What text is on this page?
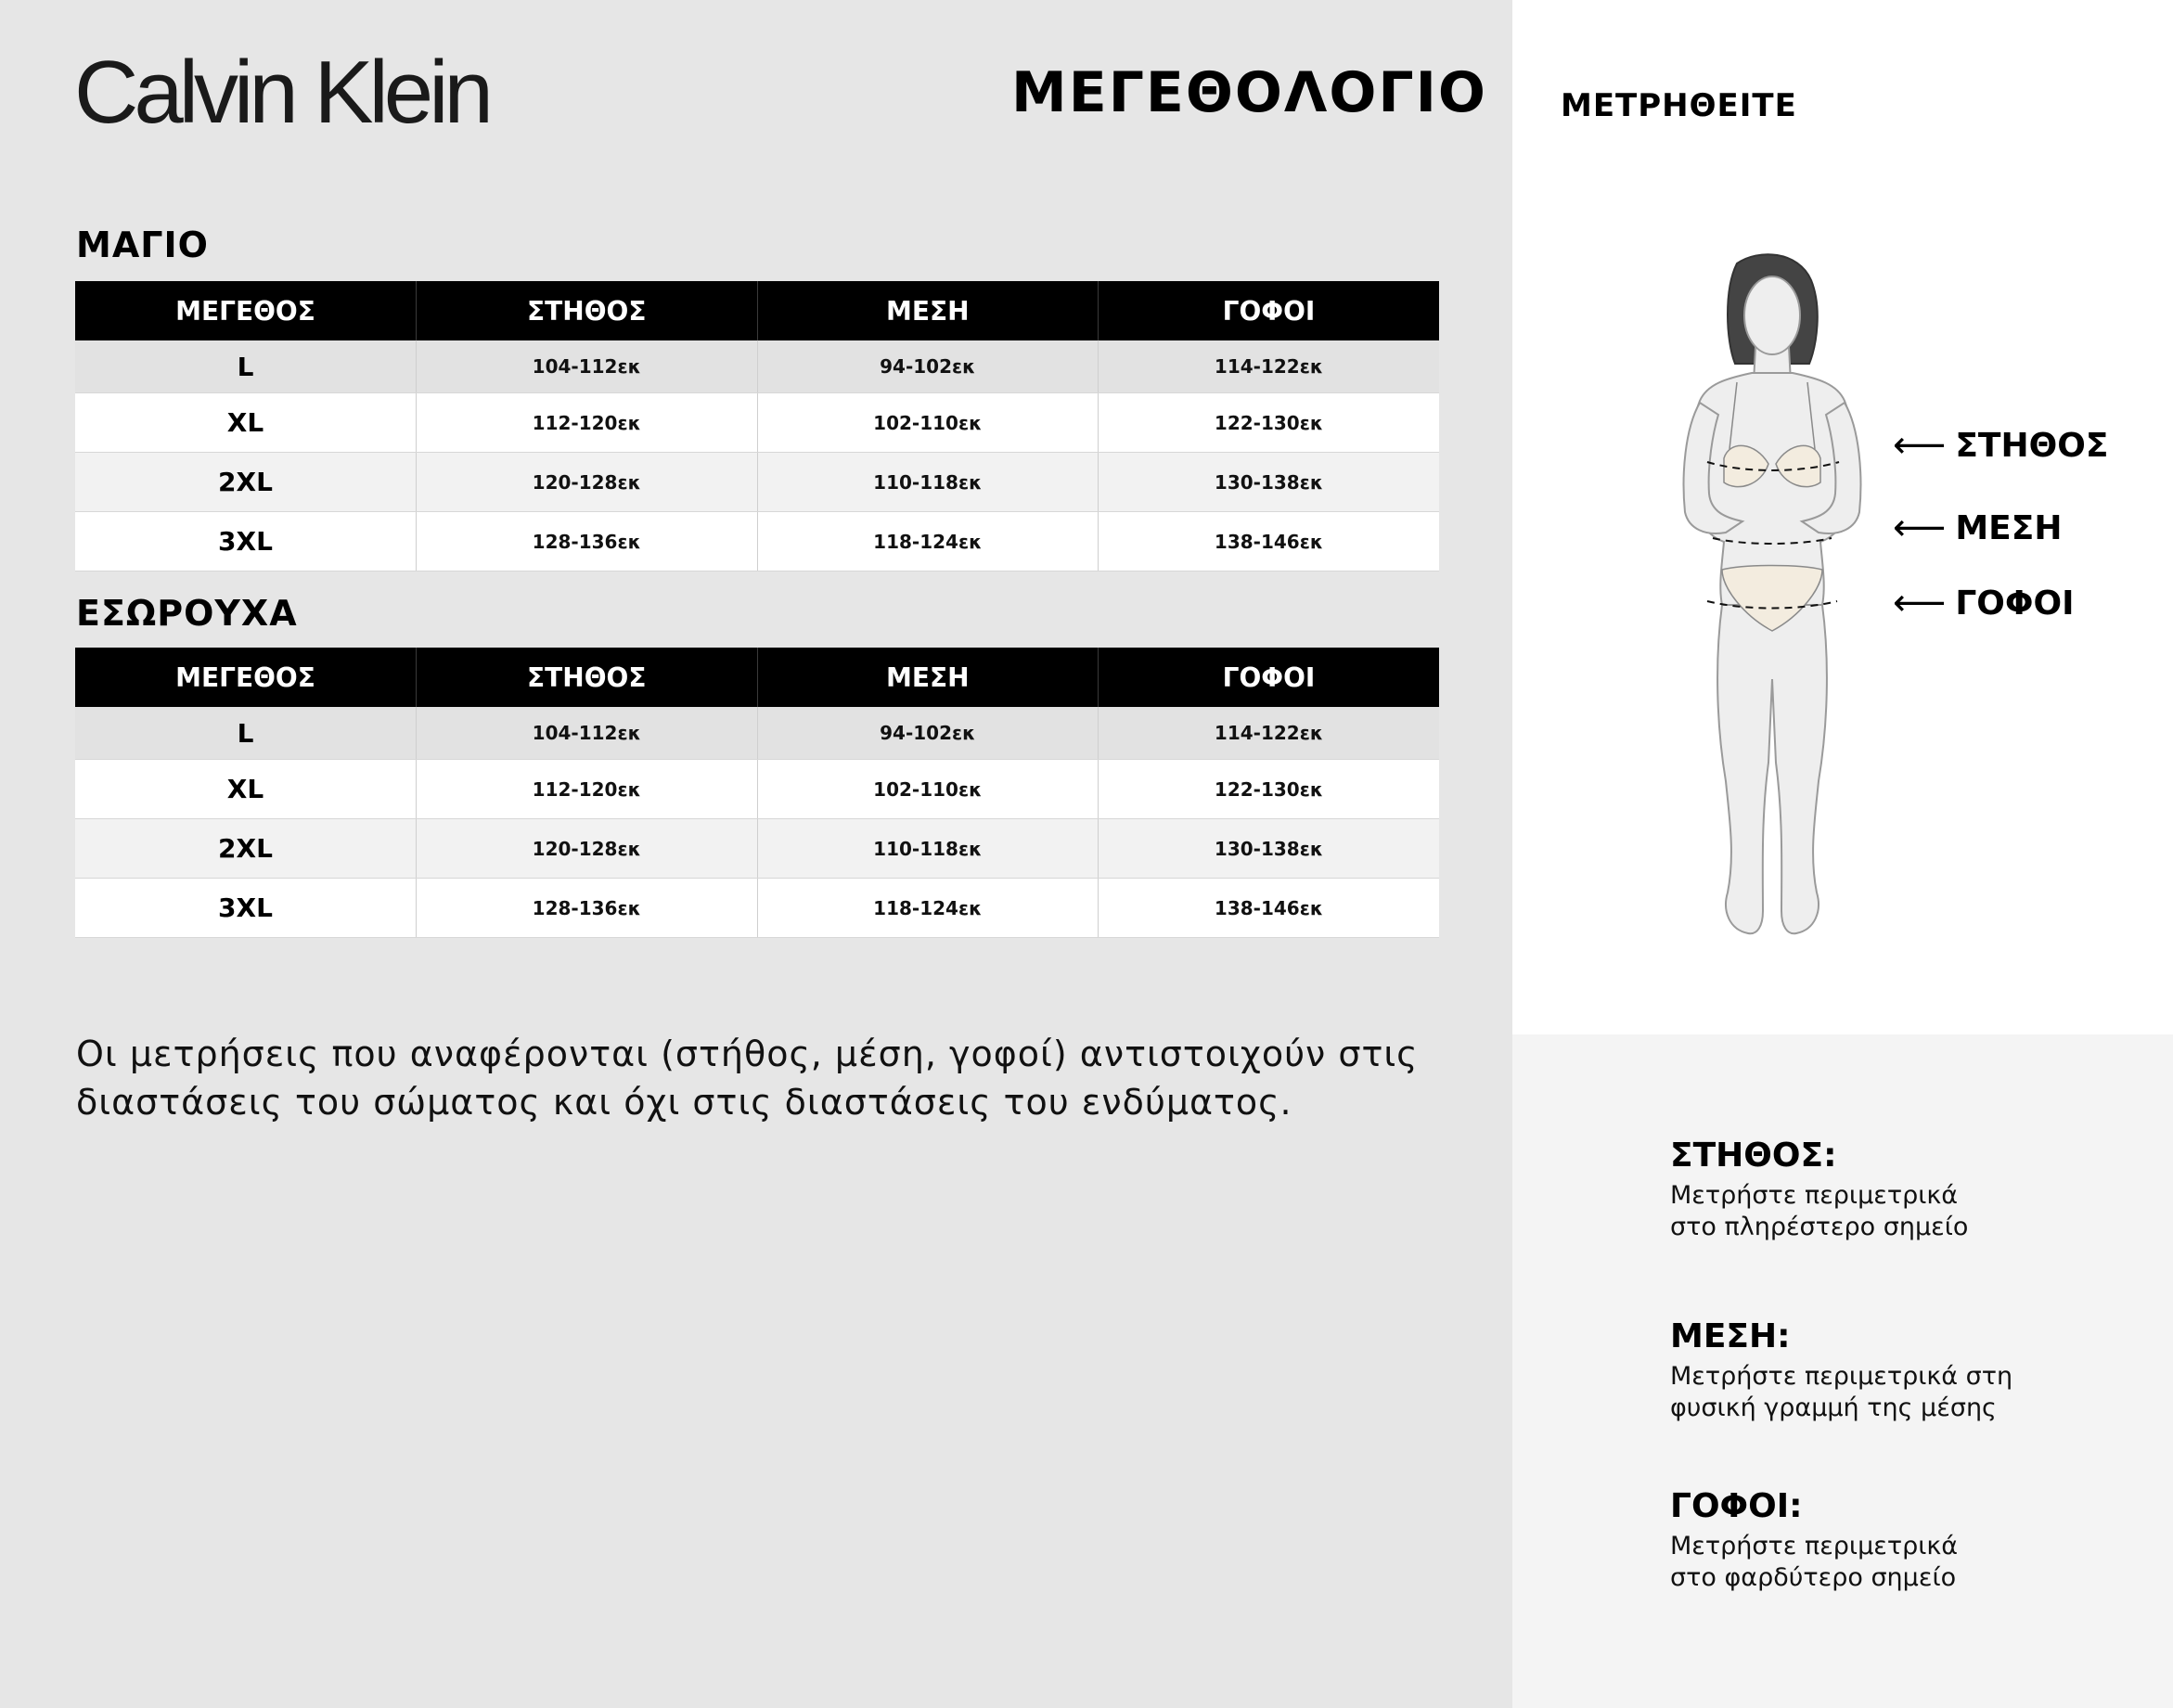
Calvin Klein	ΜΕΓΕΘΟΛΟΓΙΟ
ΜΑΓΙΟ
ΜΕΓΕΘΟΣ	ΣΤΗΘΟΣ	ΜΕΣΗ	ΓΟΦΟΙ
L	104-112εκ	94-102εκ	114-122εκ
XL	112-120εκ	102-110εκ	122-130εκ
2XL	120-128εκ	110-118εκ	130-138εκ
3XL	128-136εκ	118-124εκ	138-146εκ
ΕΣΩΡΟΥΧΑ
ΜΕΓΕΘΟΣ	ΣΤΗΘΟΣ	ΜΕΣΗ	ΓΟΦΟΙ
L	104-112εκ	94-102εκ	114-122εκ
XL	112-120εκ	102-110εκ	122-130εκ
2XL	120-128εκ	110-118εκ	130-138εκ
3XL	128-136εκ	118-124εκ	138-146εκ
Οι μετρήσεις που αναφέρονται (στήθος, μέση, γοφοί) αντιστοιχούν στις διαστάσεις του σώματος και όχι στις διαστάσεις του ενδύματος.
ΜΕΤΡΗΘΕΙΤΕ
⟵ ΣΤΗΘΟΣ
⟵ ΜΕΣΗ
⟵ ΓΟΦΟΙ
ΣΤΗΘΟΣ:
Μετρήστε περιμετρικά
στο πληρέστερο σημείο
ΜΕΣΗ:
Μετρήστε περιμετρικά στη
φυσική γραμμή της μέσης
ΓΟΦΟΙ:
Μετρήστε περιμετρικά
στο φαρδύτερο σημείο
